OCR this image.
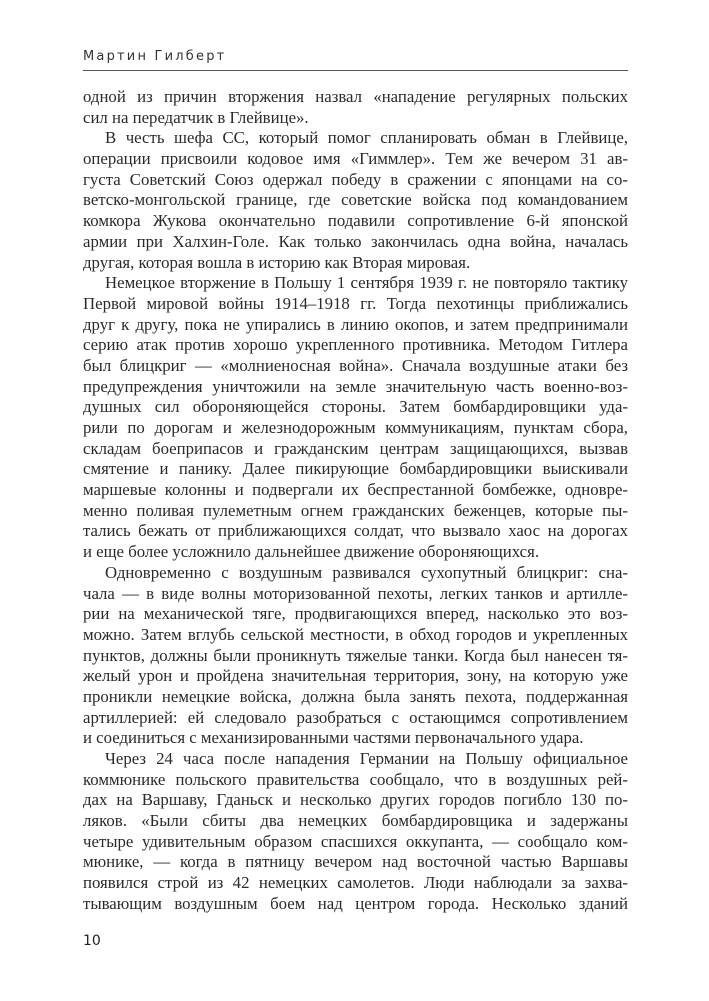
Мартин Гилберт
одной из причин вторжения назвал «нападение регулярных польских
сил на передатчик в Глейвице».
В честь шефа СС, который помог спланировать обман в Глейвице,
операции присвоили кодовое имя «Гиммлер». Тем же вечером 31 ав-
густа Советский Союз одержал победу в сражении с японцами на со-
ветско-монгольской границе, где советские войска под командованием
комкора Жукова окончательно подавили сопротивление 6-й японской
армии при Халхин-Голе. Как только закончилась одна война, началась
другая, которая вошла в историю как Вторая мировая.
Немецкое вторжение в Польшу 1 сентября 1939 г. не повторяло тактику
Первой мировой войны 1914–1918 гг. Тогда пехотинцы приближались
друг к другу, пока не упирались в линию окопов, и затем предпринимали
серию атак против хорошо укрепленного противника. Методом Гитлера
был блицкриг — «молниеносная война». Сначала воздушные атаки без
предупреждения уничтожили на земле значительную часть военно-воз-
душных сил обороняющейся стороны. Затем бомбардировщики уда-
рили по дорогам и железнодорожным коммуникациям, пунктам сбора,
складам боеприпасов и гражданским центрам защищающихся, вызвав
смятение и панику. Далее пикирующие бомбардировщики выискивали
маршевые колонны и подвергали их беспрестанной бомбежке, одновре-
менно поливая пулеметным огнем гражданских беженцев, которые пы-
тались бежать от приближающихся солдат, что вызвало хаос на дорогах
и еще более усложнило дальнейшее движение обороняющихся.
Одновременно с воздушным развивался сухопутный блицкриг: сна-
чала — в виде волны моторизованной пехоты, легких танков и артилле-
рии на механической тяге, продвигающихся вперед, насколько это воз-
можно. Затем вглубь сельской местности, в обход городов и укрепленных
пунктов, должны были проникнуть тяжелые танки. Когда был нанесен тя-
желый урон и пройдена значительная территория, зону, на которую уже
проникли немецкие войска, должна была занять пехота, поддержанная
артиллерией: ей следовало разобраться с остающимся сопротивлением
и соединиться с механизированными частями первоначального удара.
Через 24 часа после нападения Германии на Польшу официальное
коммюнике польского правительства сообщало, что в воздушных рей-
дах на Варшаву, Гданьск и несколько других городов погибло 130 по-
ляков. «Были сбиты два немецких бомбардировщика и задержаны
четыре удивительным образом спасшихся оккупанта, — сообщало ком-
мюнике, — когда в пятницу вечером над восточной частью Варшавы
появился строй из 42 немецких самолетов. Люди наблюдали за захва-
тывающим воздушным боем над центром города. Несколько зданий
10
